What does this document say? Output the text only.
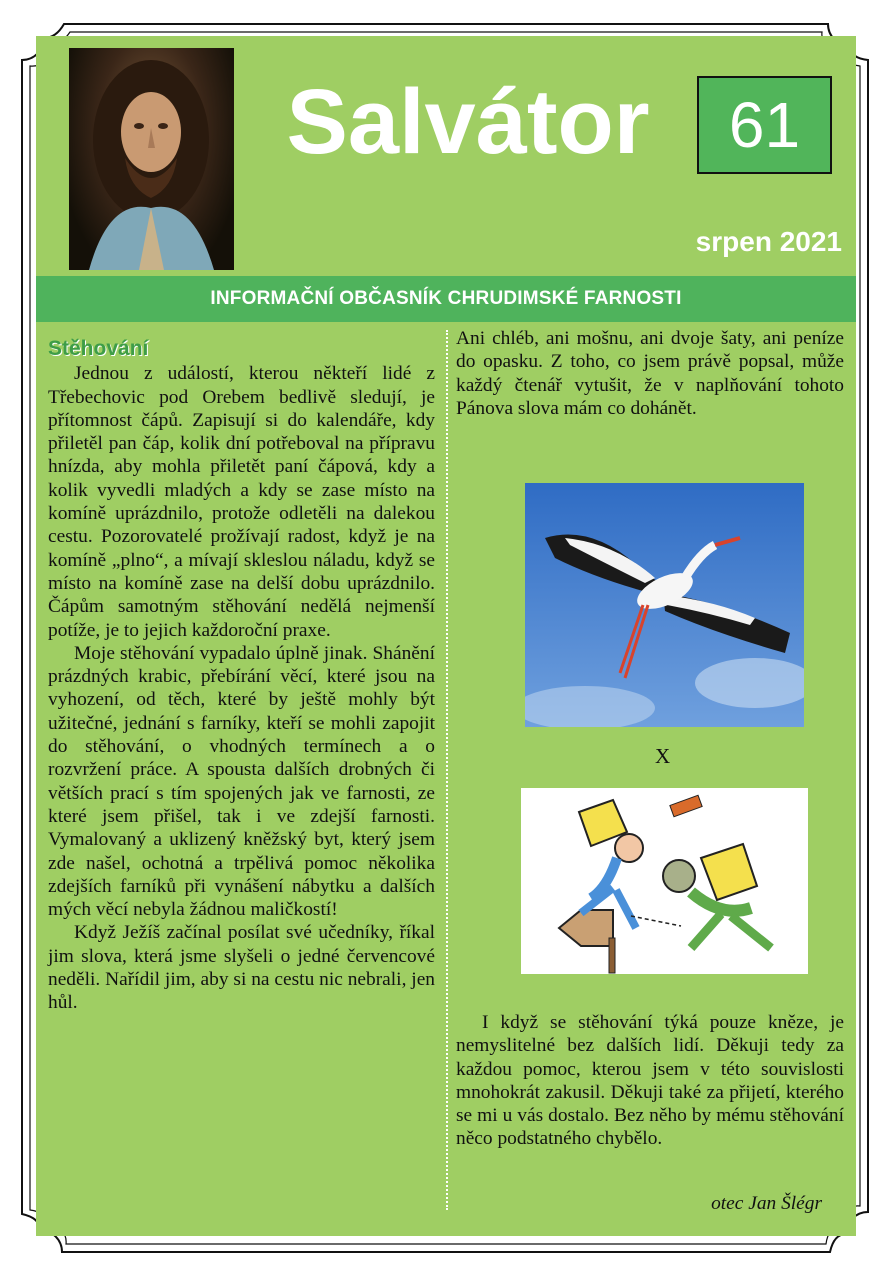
Salvátor	61
srpen 2021
INFORMAČNÍ OBČASNÍK CHRUDIMSKÉ FARNOSTI
Stěhování

Jednou z událostí, kterou někteří lidé z Třebechovic pod Orebem bedlivě sledují, je přítomnost čápů. Zapisují si do kalendáře, kdy přiletěl pan čáp, kolik dní potřeboval na přípravu hnízda, aby mohla přiletět paní čápová, kdy a kolik vyvedli mladých a kdy se zase místo na komíně uprázdnilo, protože odletěli na dalekou cestu. Pozorovatelé prožívají radost, když je na komíně „plno“, a mívají skleslou náladu, když se místo na komíně zase na delší dobu uprázdnilo. Čápům samotným stěhování nedělá nejmenší potíže, je to jejich každoroční praxe.

Moje stěhování vypadalo úplně jinak. Shánění prázdných krabic, přebírání věcí, které jsou na vyhození, od těch, které by ještě mohly být užitečné, jednání s farníky, kteří se mohli zapojit do stěhování, o vhodných termínech a o rozvržení práce. A spousta dalších drobných či větších prací s tím spojených jak ve farnosti, ze které jsem přišel, tak i ve zdejší farnosti. Vymalovaný a uklizený kněžský byt, který jsem zde našel, ochotná a trpělivá pomoc několika zdejších farníků při vynášení nábytku a dalších mých věcí nebyla žádnou maličkostí!

Když Ježíš začínal posílat své učedníky, říkal jim slova, která jsme slyšeli o jedné červencové neděli. Nařídil jim, aby si na cestu nic nebrali, jen hůl.

Ani chléb, ani mošnu, ani dvoje šaty, ani peníze do opasku. Z toho, co jsem právě popsal, může každý čtenář vytušit, že v naplňování tohoto Pánova slova mám co dohánět.

X

I když se stěhování týká pouze kněze, je nemyslitelné bez dalších lidí. Děkuji tedy za každou pomoc, kterou jsem v této souvislosti mnohokrát zakusil. Děkuji také za přijetí, kterého se mi u vás dostalo. Bez něho by mému stěhování něco podstatného chybělo.

otec Jan Šlégr
